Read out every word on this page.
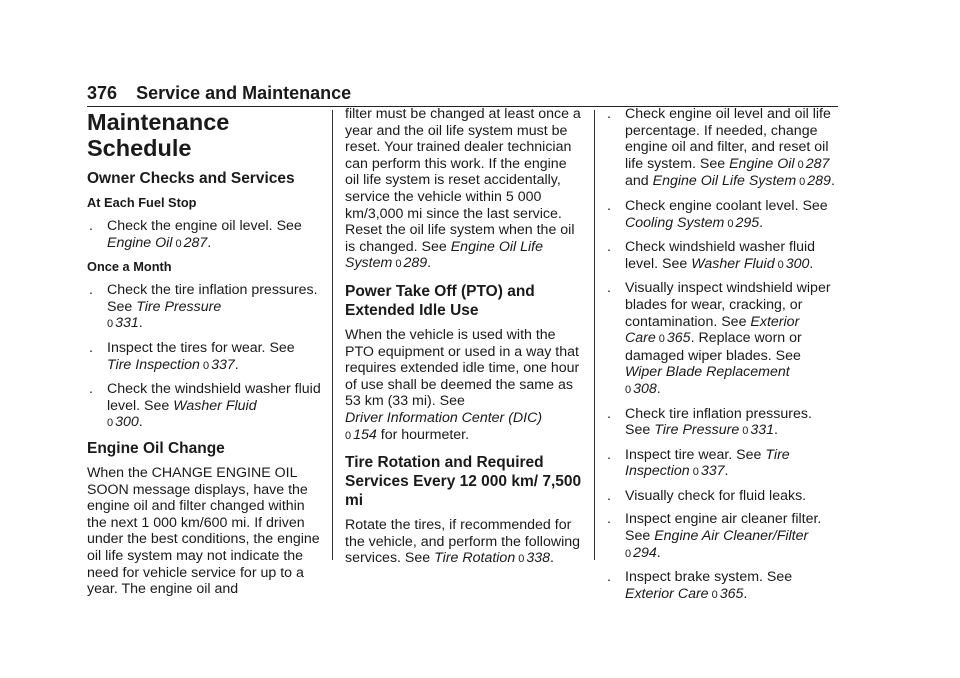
376 Service and Maintenance
Maintenance
Schedule
Owner Checks and Services
At Each Fuel Stop
. Check the engine oil level. See
Engine Oil 0 287.
Once a Month
. Check the tire inflation pressures. See Tire Pressure
0 331.
. Inspect the tires for wear. See
Tire Inspection 0 337.
. Check the windshield washer fluid level. See Washer Fluid
0 300.
Engine Oil Change

When the CHANGE ENGINE OIL SOON message displays, have the engine oil and filter changed within the next 1 000 km/600 mi. If driven under the best conditions, the engine oil life system may not indicate the need for vehicle service for up to a year. The engine oil and

filter must be changed at least once a year and the oil life system must be reset. Your trained dealer technician can perform this work. If the engine oil life system is reset accidentally, service the vehicle within 5 000 km/3,000 mi since the last service. Reset the oil life system when the oil is changed. See Engine Oil Life System 0 289.

Power Take Off (PTO) and Extended Idle Use

When the vehicle is used with the PTO equipment or used in a way that requires extended idle time, one hour of use shall be deemed the same as 53 km (33 mi). See
Driver Information Center (DIC)
0 154 for hourmeter.

Tire Rotation and Required Services Every 12 000 km/ 7,500 mi

Rotate the tires, if recommended for the vehicle, and perform the following services. See Tire Rotation 0 338.

. Check engine oil level and oil life percentage. If needed, change engine oil and filter, and reset oil life system. See Engine Oil 0 287 and Engine Oil Life System 0 289.
. Check engine coolant level. See
Cooling System 0 295.
. Check windshield washer fluid level. See Washer Fluid 0 300.
. Visually inspect windshield wiper blades for wear, cracking, or contamination. See Exterior Care 0 365. Replace worn or damaged wiper blades. See
Wiper Blade Replacement
0 308.
. Check tire inflation pressures. See Tire Pressure 0 331.
. Inspect tire wear. See Tire Inspection 0 337.
. Visually check for fluid leaks.
. Inspect engine air cleaner filter. See Engine Air Cleaner/Filter
0 294.
. Inspect brake system. See
Exterior Care 0 365.
